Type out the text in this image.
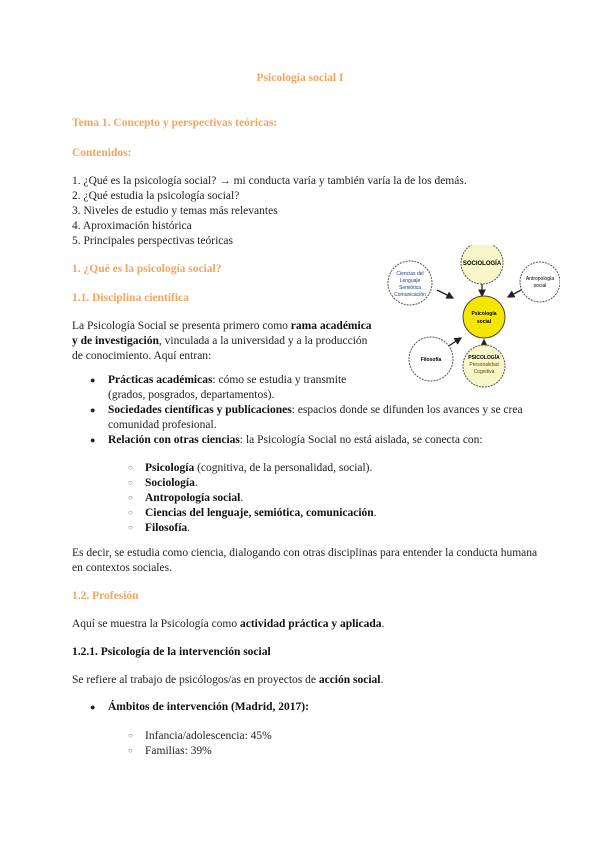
Psicología social I
Tema 1. Concepto y perspectivas teóricas:
Contenidos:
1. ¿Qué es la psicología social? → mi conducta varía y también varía la de los demás.
2. ¿Qué estudia la psicología social?
3. Niveles de estudio y temas más relevantes
4. Aproximación histórica
5. Principales perspectivas teóricas
1. ¿Qué es la psicología social?
1.1. Disciplina científica
La Psicología Social se presenta primero como rama académica
y de investigación, vinculada a la universidad y a la producción
de conocimiento. Aquí entran:
● Prácticas académicas: cómo se estudia y transmite
(grados, posgrados, departamentos).
● Sociedades científicas y publicaciones: espacios donde se difunden los avances y se crea
comunidad profesional.
● Relación con otras ciencias: la Psicología Social no está aislada, se conecta con:
○ Psicología (cognitiva, de la personalidad, social).
○ Sociología.
○ Antropología social.
○ Ciencias del lenguaje, semiótica, comunicación.
○ Filosofía.
Es decir, se estudia como ciencia, dialogando con otras disciplinas para entender la conducta humana
en contextos sociales.
1.2. Profesión
Aquí se muestra la Psicología como actividad práctica y aplicada.
1.2.1. Psicología de la intervención social
Se refiere al trabajo de psicólogos/as en proyectos de acción social.
● Ámbitos de intervención (Madrid, 2017):
○ Infancia/adolescencia: 45%
○ Familias: 39%
SOCIOLOGÍA
Ciencias del Lenguaje Semiótica Comunicación
Antropología social
Psicología social
Filosofía	PSICOLOGÍA Personalidad Cognitiva
